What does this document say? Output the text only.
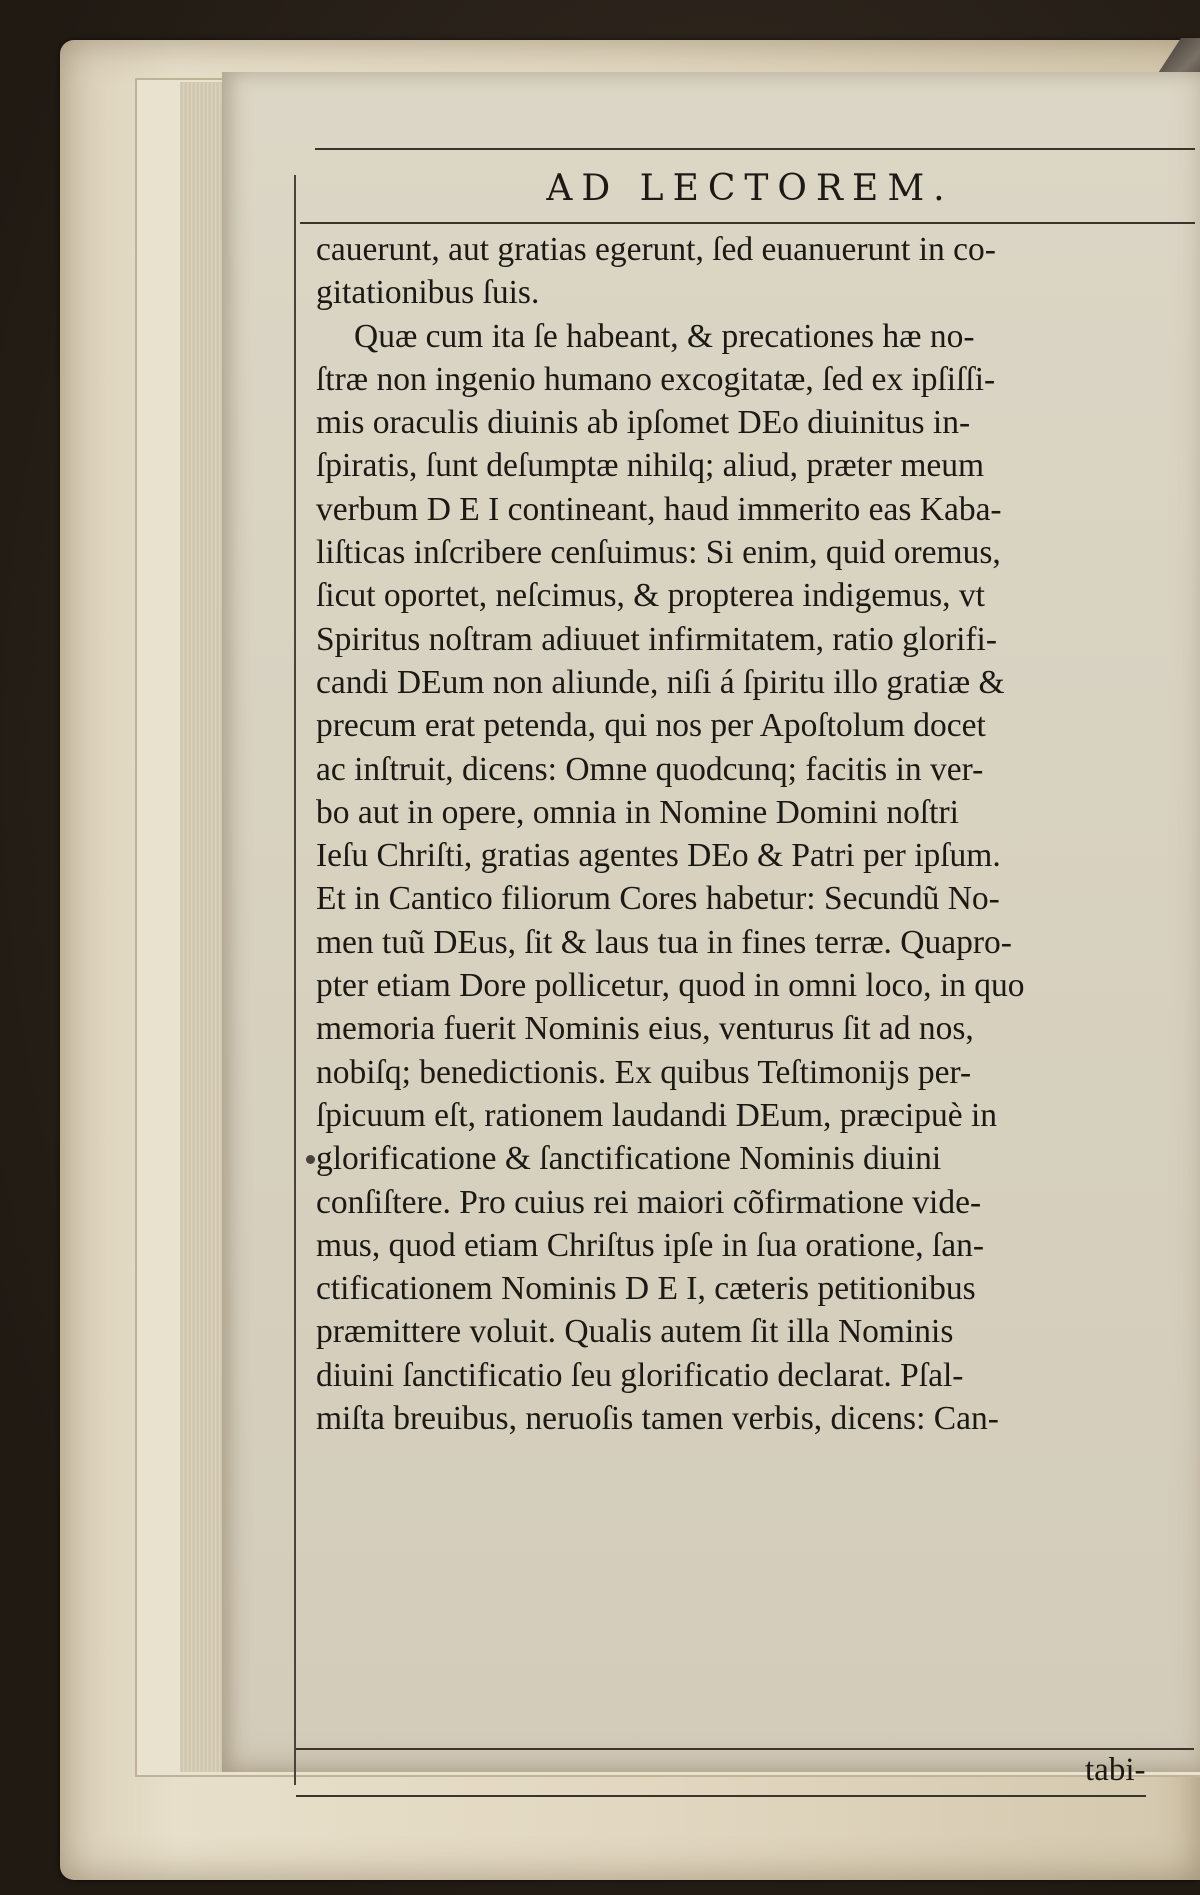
AD LECTOREM.
cauerunt, aut gratias egerunt, ſed euanuerunt in co-
gitationibus ſuis.
Quæ cum ita ſe habeant, & precationes hæ no-
ſtræ non ingenio humano excogitatæ, ſed ex ipſiſſi-
mis oraculis diuinis ab ipſomet DEo diuinitus in-
ſpiratis, ſunt deſumptæ nihilq; aliud, præter meum
verbum D E I contineant, haud immerito eas Kaba-
liſticas inſcribere cenſuimus: Si enim, quid oremus,
ſicut oportet, neſcimus, & propterea indigemus, vt
Spiritus noſtram adiuuet infirmitatem, ratio glorifi-
candi DEum non aliunde, niſi á ſpiritu illo gratiæ &
precum erat petenda, qui nos per Apoſtolum docet
ac inſtruit, dicens: Omne quodcunq; facitis in ver-
bo aut in opere, omnia in Nomine Domini noſtri
Ieſu Chriſti, gratias agentes DEo & Patri per ipſum.
Et in Cantico filiorum Cores habetur: Secundũ No-
men tuũ DEus, ſit & laus tua in fines terræ. Quapro-
pter etiam Dore pollicetur, quod in omni loco, in quo
memoria fuerit Nominis eius, venturus ſit ad nos,
nobiſq; benedictionis. Ex quibus Teſtimonijs per-
ſpicuum eſt, rationem laudandi DEum, præcipuè in
glorificatione & ſanctificatione Nominis diuini
conſiſtere. Pro cuius rei maiori cõfirmatione vide-
mus, quod etiam Chriſtus ipſe in ſua oratione, ſan-
ctificationem Nominis D E I, cæteris petitionibus
præmittere voluit. Qualis autem ſit illa Nominis
diuini ſanctificatio ſeu glorificatio declarat. Pſal-
miſta breuibus, neruoſis tamen verbis, dicens: Can-
tabi-
